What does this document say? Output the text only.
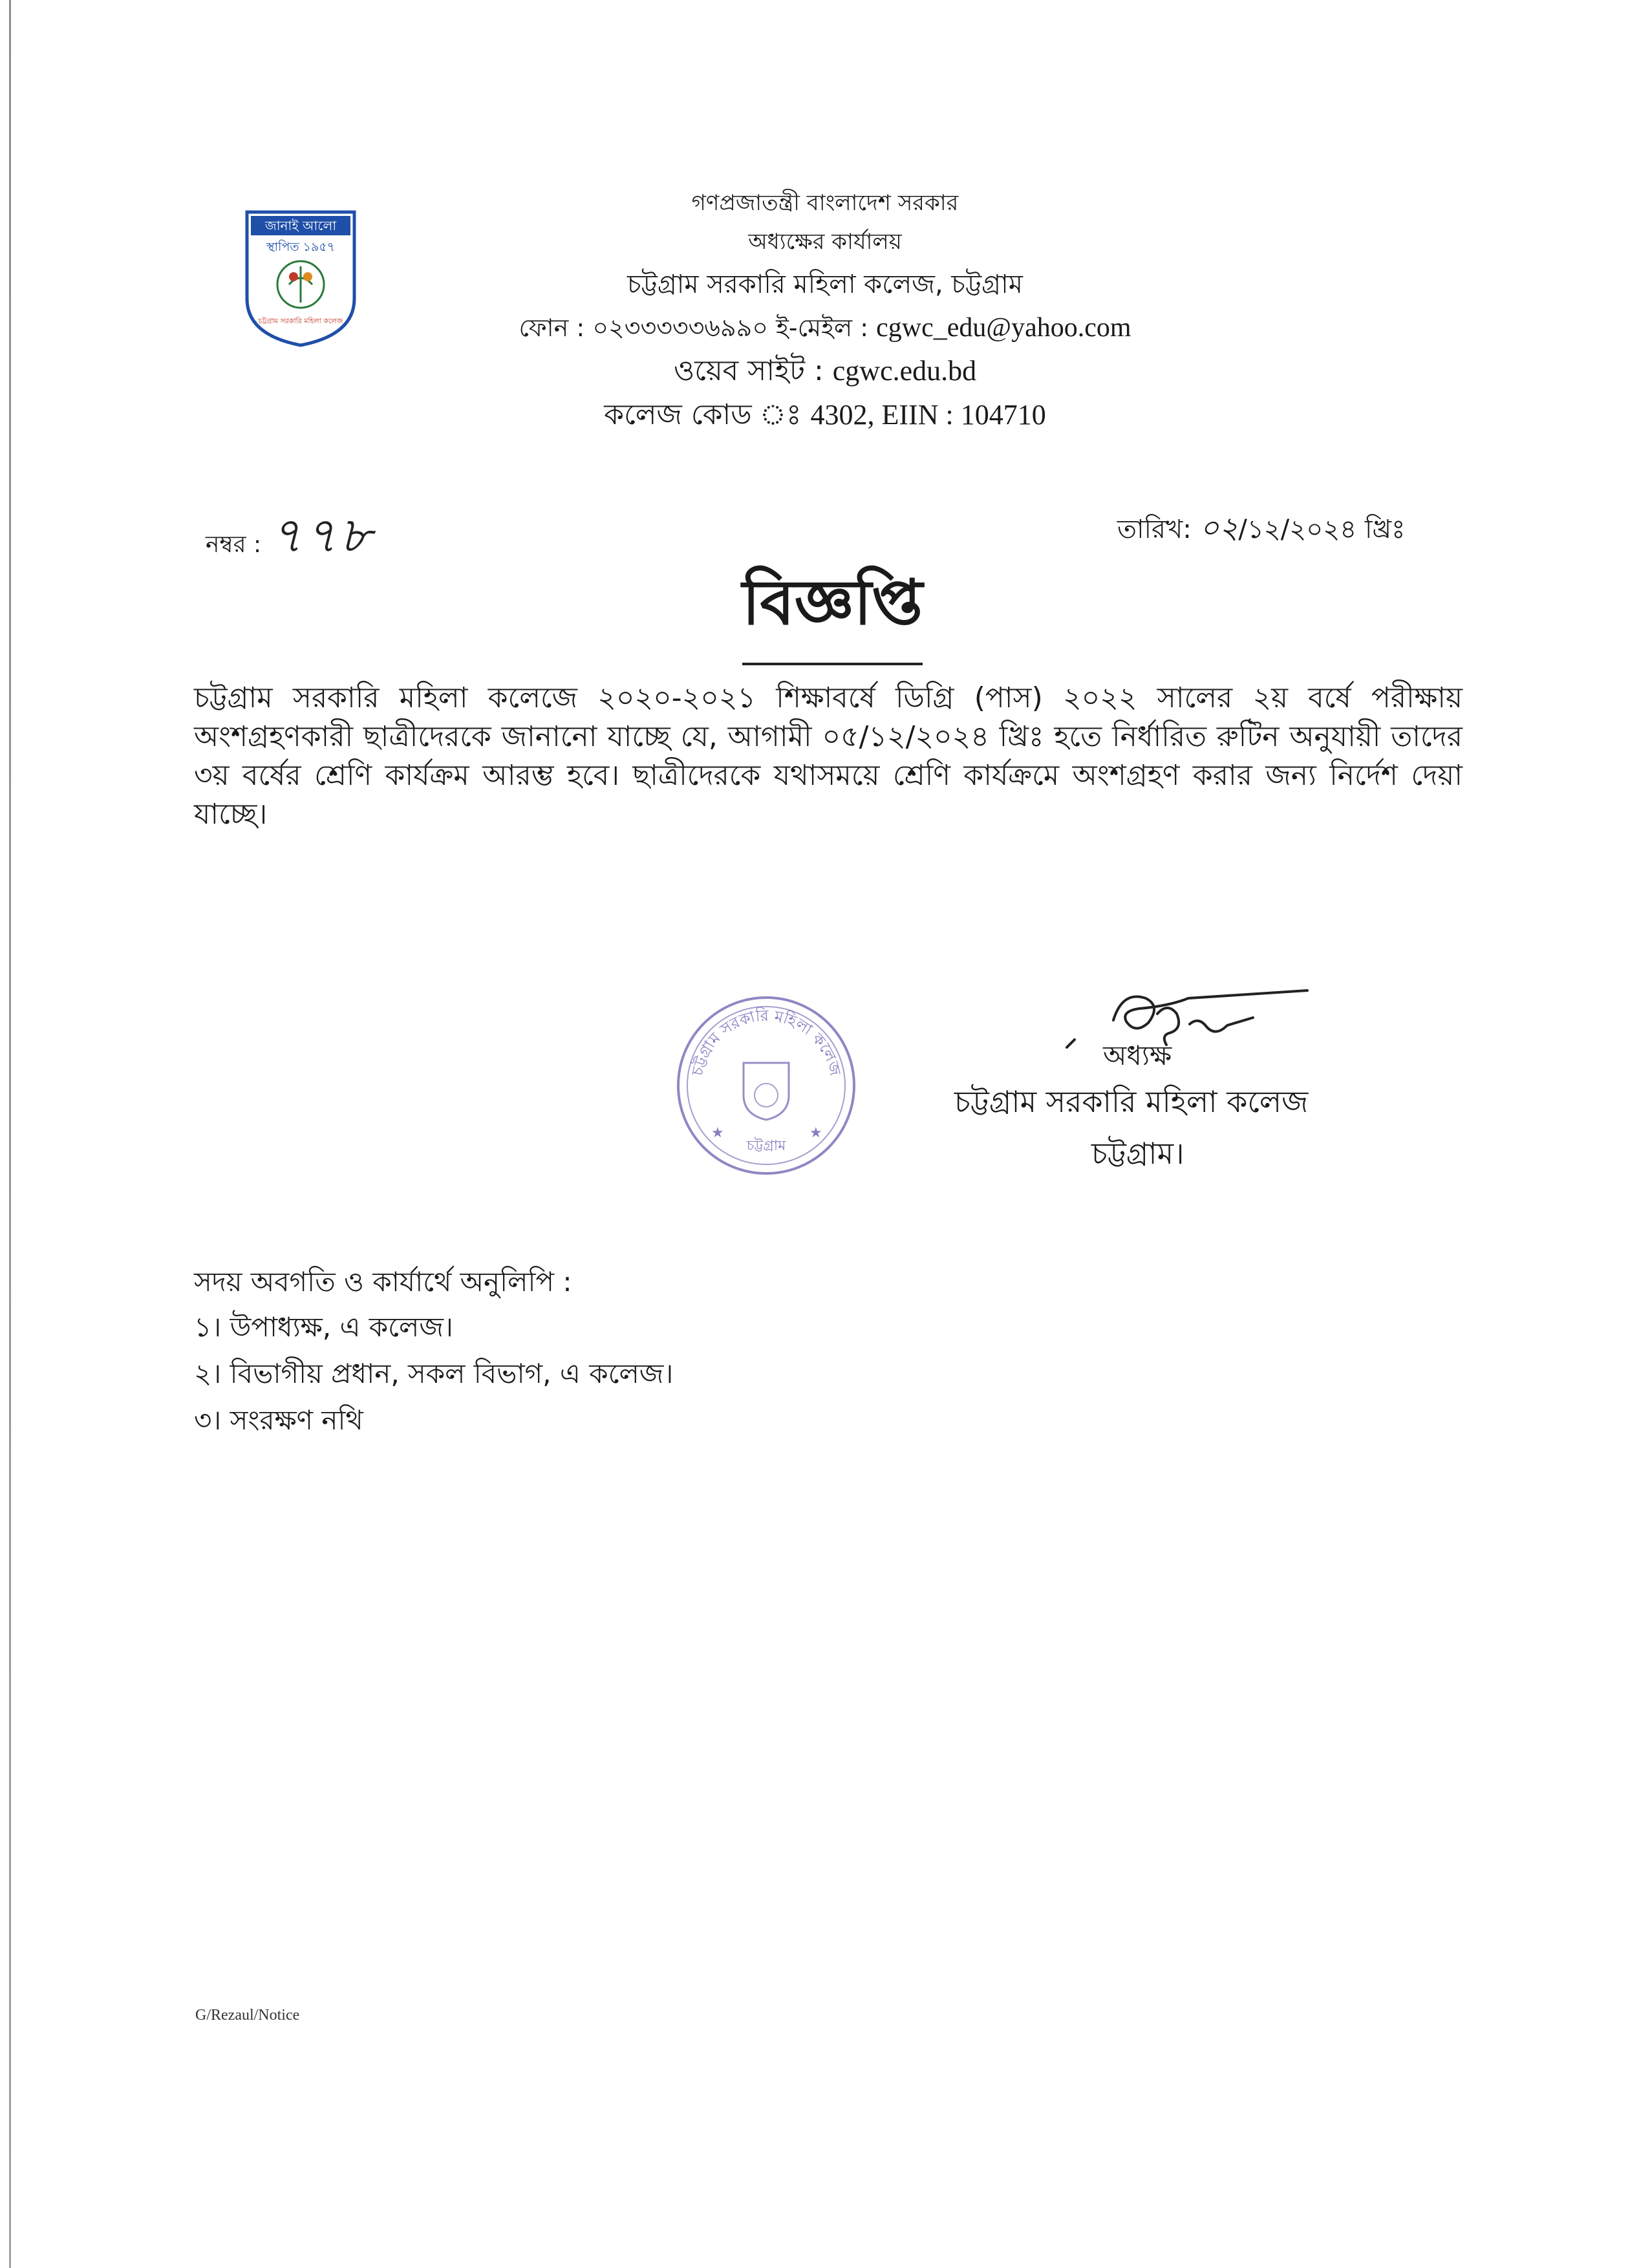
জানাই আলো
স্থাপিত ১৯৫৭
চট্টগ্রাম সরকারি মহিলা কলেজ
গণপ্রজাতন্ত্রী বাংলাদেশ সরকার
অধ্যক্ষের কার্যালয়
চট্টগ্রাম সরকারি মহিলা কলেজ, চট্টগ্রাম
ফোন : ০২৩৩৩৩৩৬৯৯০ ই-মেইল : cgwc_edu@yahoo.com
ওয়েব সাইট : cgwc.edu.bd
কলেজ কোড ঃ 4302, EIIN : 104710
নম্বর : ৭৭৮	তারিখ: ০২/১২/২০২৪ খ্রিঃ
বিজ্ঞপ্তি
চট্টগ্রাম সরকারি মহিলা কলেজে ২০২০-২০২১ শিক্ষাবর্ষে ডিগ্রি (পাস) ২০২২ সালের ২য় বর্ষে পরীক্ষায় অংশগ্রহণকারী ছাত্রীদেরকে জানানো যাচ্ছে যে, আগামী ০৫/১২/২০২৪ খ্রিঃ হতে নির্ধারিত রুটিন অনুযায়ী তাদের ৩য় বর্ষের শ্রেণি কার্যক্রম আরম্ভ হবে। ছাত্রীদেরকে যথাসময়ে শ্রেণি কার্যক্রমে অংশগ্রহণ করার জন্য নির্দেশ দেয়া যাচ্ছে।
চট্টগ্রাম সরকারি মহিলা কলেজ
★	★
চট্টগ্রাম
অধ্যক্ষ
চট্টগ্রাম সরকারি মহিলা কলেজ
চট্টগ্রাম।
সদয় অবগতি ও কার্যার্থে অনুলিপি :
১। উপাধ্যক্ষ, এ কলেজ।
২। বিভাগীয় প্রধান, সকল বিভাগ, এ কলেজ।
৩। সংরক্ষণ নথি
G/Rezaul/Notice
